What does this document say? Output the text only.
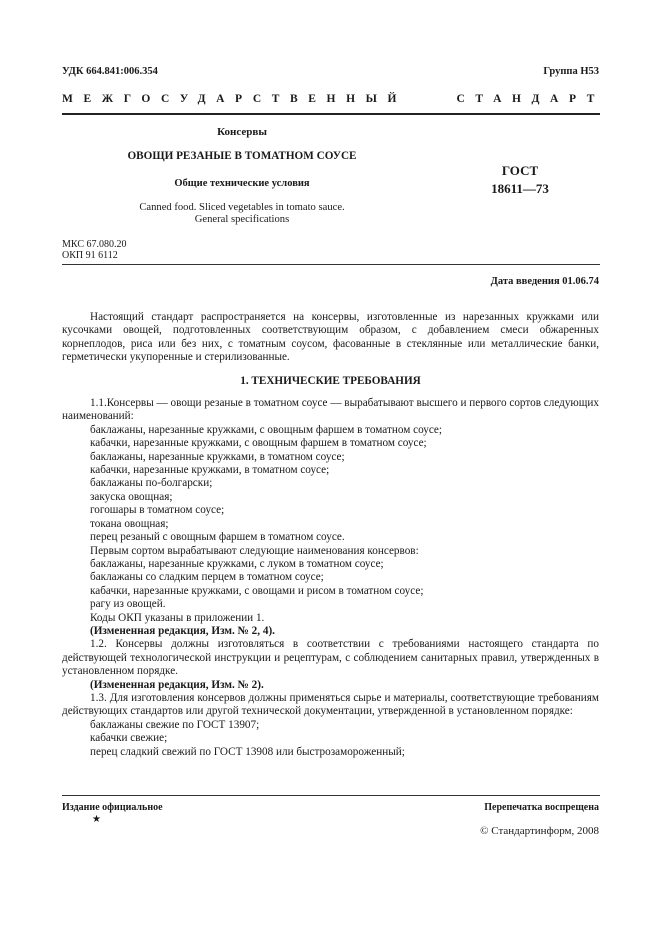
УДК 664.841:006.354	Группа Н53
МЕЖГОСУДАРСТВЕННЫЙ	СТАНДАРТ
Консервы
ОВОЩИ РЕЗАНЫЕ В ТОМАТНОМ СОУСЕ
Общие технические условия
Canned food. Sliced vegetables in tomato sauce.
General specifications
ГОСТ
18611—73
МКС 67.080.20
ОКП 91 6112
Дата введения 01.06.74

Настоящий стандарт распространяется на консервы, изготовленные из нарезанных кружками или кусочками овощей, подготовленных соответствующим образом, с добавлением смеси обжаренных корнеплодов, риса или без них, с томатным соусом, фасованные в стеклянные или металлические банки, герметически укупоренные и стерилизованные.

1. ТЕХНИЧЕСКИЕ ТРЕБОВАНИЯ

1.1.Консервы — овощи резаные в томатном соусе — вырабатывают высшего и первого сортов следующих наименований:

баклажаны, нарезанные кружками, с овощным фаршем в томатном соусе;

кабачки, нарезанные кружками, с овощным фаршем в томатном соусе;

баклажаны, нарезанные кружками, в томатном соусе;

кабачки, нарезанные кружками, в томатном соусе;

баклажаны по-болгарски;

закуска овощная;

гогошары в томатном соусе;

токана овощная;

перец резаный с овощным фаршем в томатном соусе.

Первым сортом вырабатывают следующие наименования консервов:

баклажаны, нарезанные кружками, с луком в томатном соусе;

баклажаны со сладким перцем в томатном соусе;

кабачки, нарезанные кружками, с овощами и рисом в томатном соусе;

рагу из овощей.

Коды ОКП указаны в приложении 1.

(Измененная редакция, Изм. № 2, 4).

1.2. Консервы должны изготовляться в соответствии с требованиями настоящего стандарта по действующей технологической инструкции и рецептурам, с соблюдением санитарных правил, утвержденных в установленном порядке.

(Измененная редакция, Изм. № 2).

1.3. Для изготовления консервов должны применяться сырье и материалы, соответствующие требованиям действующих стандартов или другой технической документации, утвержденной в установленном порядке:

баклажаны свежие по ГОСТ 13907;

кабачки свежие;

перец сладкий свежий по ГОСТ 13908 или быстрозамороженный;

Издание официальное
★
Перепечатка воспрещена
© Стандартинформ, 2008
